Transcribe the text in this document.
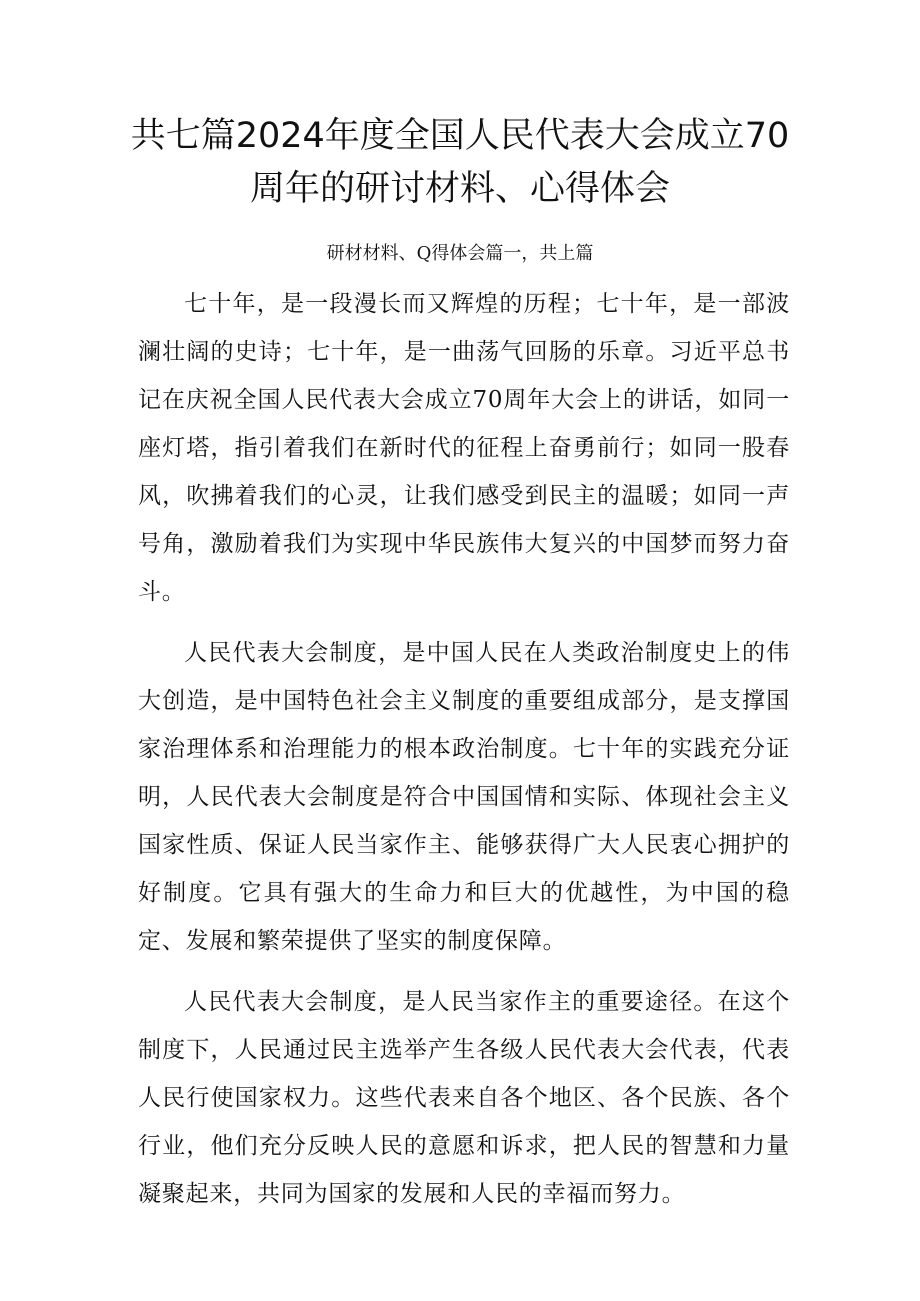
共七篇2024年度全国人民代表大会成立70
周年的研讨材料、心得体会

研材材料、Q得体会篇一，共上篇

七十年，是一段漫长而又辉煌的历程；七十年，是一部波澜壮阔的史诗；七十年，是一曲荡气回肠的乐章。习近平总书记在庆祝全国人民代表大会成立70周年大会上的讲话，如同一座灯塔，指引着我们在新时代的征程上奋勇前行；如同一股春风，吹拂着我们的心灵，让我们感受到民主的温暖；如同一声号角，激励着我们为实现中华民族伟大复兴的中国梦而努力奋斗。

人民代表大会制度，是中国人民在人类政治制度史上的伟大创造，是中国特色社会主义制度的重要组成部分，是支撑国家治理体系和治理能力的根本政治制度。七十年的实践充分证明，人民代表大会制度是符合中国国情和实际、体现社会主义国家性质、保证人民当家作主、能够获得广大人民衷心拥护的好制度。它具有强大的生命力和巨大的优越性，为中国的稳定、发展和繁荣提供了坚实的制度保障。

人民代表大会制度，是人民当家作主的重要途径。在这个制度下，人民通过民主选举产生各级人民代表大会代表，代表人民行使国家权力。这些代表来自各个地区、各个民族、各个行业，他们充分反映人民的意愿和诉求，把人民的智慧和力量凝聚起来，共同为国家的发展和人民的幸福而努力。
